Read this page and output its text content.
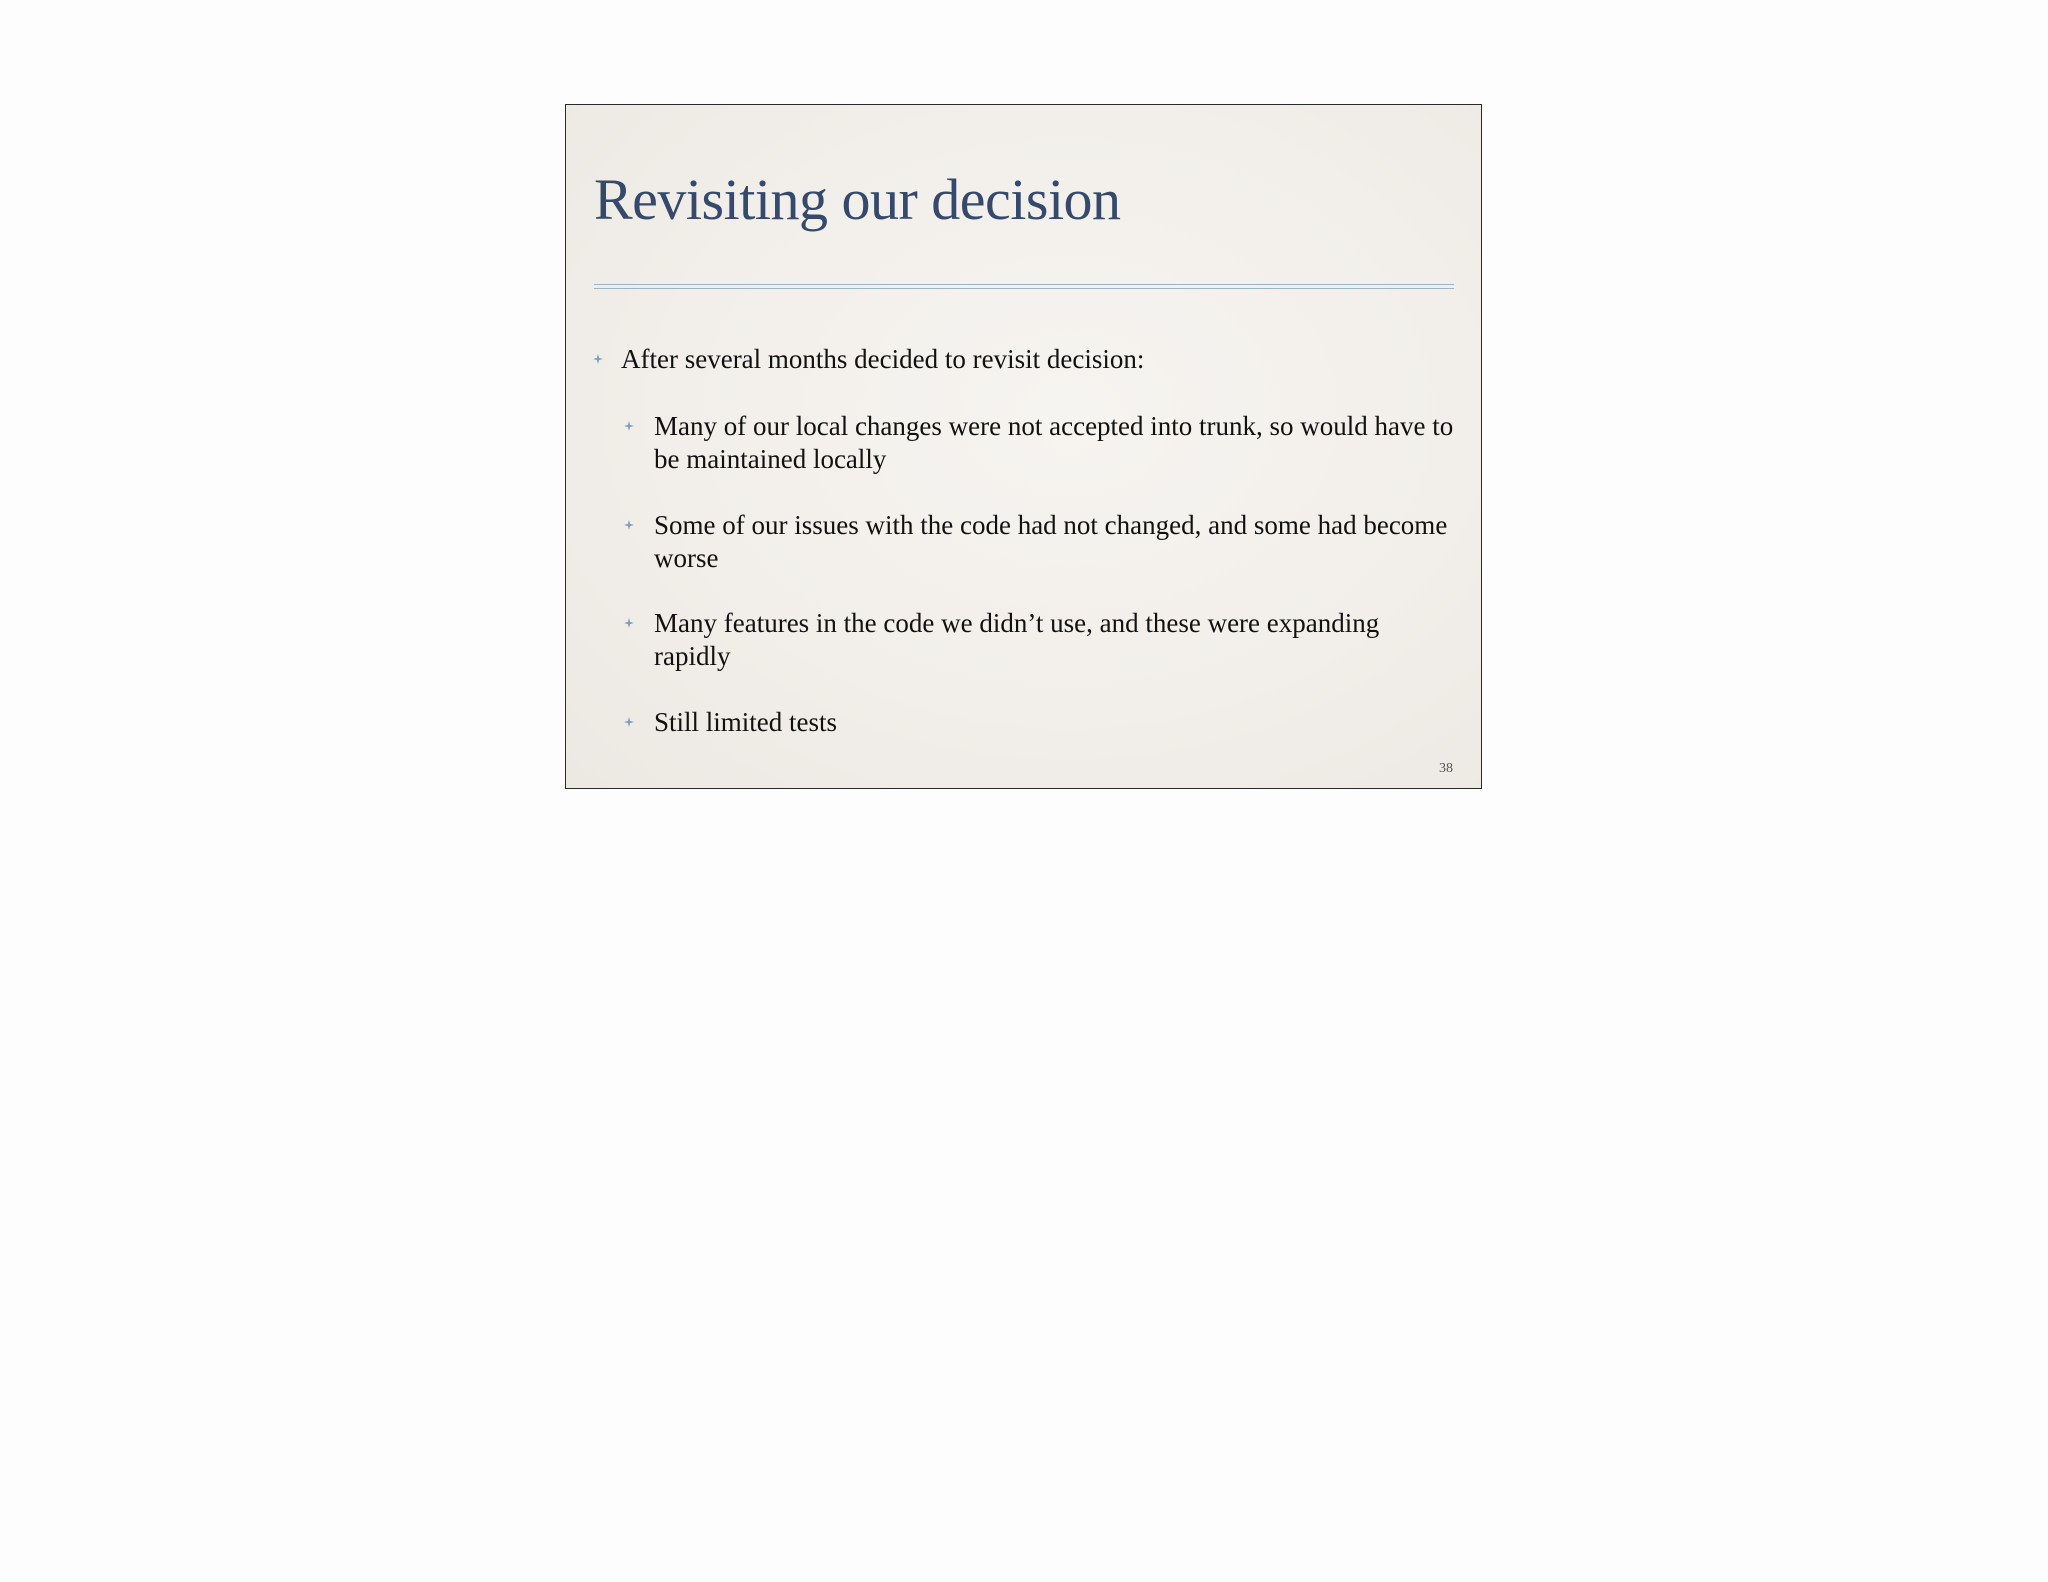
Revisiting our decision
After several months decided to revisit decision:
Many of our local changes were not accepted into trunk, so would have to be maintained locally
Some of our issues with the code had not changed, and some had become worse
Many features in the code we didn’t use, and these were expanding rapidly
Still limited tests
38
